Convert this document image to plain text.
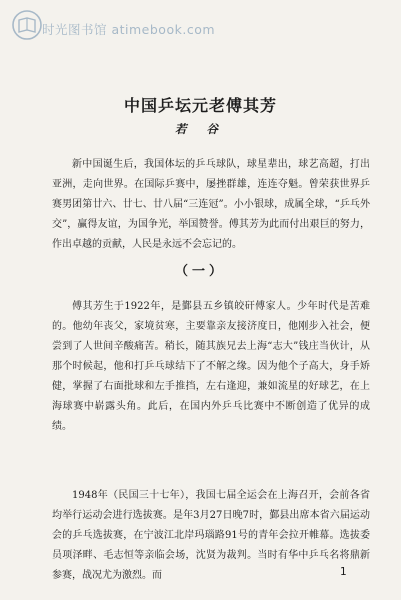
时光图书馆 atimebook.com
中国乒坛元老傅其芳
若 谷
新中国诞生后，我国体坛的乒乓球队，球星辈出，球艺高超，打出亚洲，走向世界。在国际乒赛中，屡挫群雄，连连夺魁。曾荣获世界乒赛男团第廿六、廿七、廿八届“三连冠”。小小银球，成属全球，“乒乓外交”，赢得友谊，为国争光，举国赞誉。傅其芳为此而付出艰巨的努力，作出卓越的贡献，人民是永远不会忘记的。
（一）
傅其芳生于1922年，是鄞县五乡镇皎矸傅家人。少年时代是苦难的。他幼年丧父，家境贫寒，主要靠亲友接济度日，他刚步入社会，便尝到了人世间辛酸痛苦。稍长，随其族兄去上海“志大”钱庄当伙计，从那个时候起，他和打乒乓球结下了不解之缘。因为他个子高大，身手矫健，掌握了右面批球和左手推挡，左右逢迎，兼如流星的好球艺，在上海球赛中崭露头角。此后，在国内外乒乓比赛中不断创造了优异的成绩。
1948年（民国三十七年），我国七届全运会在上海召开，会前各省均举行运动会进行选拔赛。是年3月27日晚7时，鄞县出席本省六届运动会的乒乓选拔赛，在宁波江北岸玛瑙路91号的青年会拉开帷幕。选拔委员项泽畔、毛志恒等亲临会场，沈贤为裁判。当时有华中乒乓名将鼎新参赛，战况尤为激烈。而	1
